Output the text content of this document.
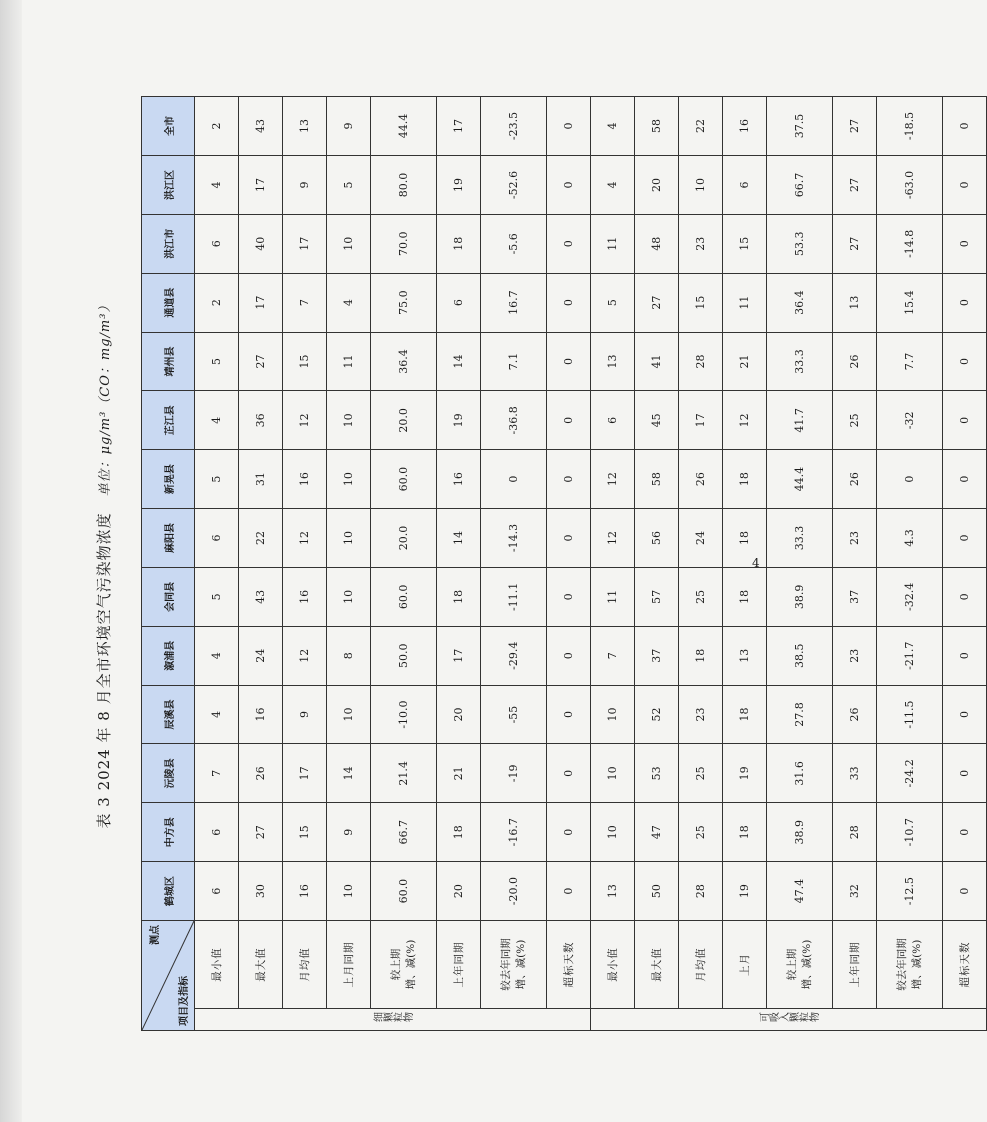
4
表 3 2024 年 8 月全市环境空气污染物浓度单位：μg/m³（CO：mg/m³）
测点
项目及指标		鹤城区	中方县	沅陵县	辰溪县	溆浦县	会同县	麻阳县	新晃县	芷江县	靖州县	通道县	洪江市	洪江区	全市
细颗粒物	最小值	6	6	7	4	4	5	6	5	4	5	2	6	4	2
	最大值	30	27	26	16	24	43	22	31	36	27	17	40	17	43
	月均值	16	15	17	9	12	16	12	16	12	15	7	17	9	13
	上月同期	10	9	14	10	8	10	10	10	10	11	4	10	5	9

	较上期 增、减(%)	60.0	66.7	21.4	-10.0	50.0	60.0	20.0	60.0	20.0	36.4	75.0	70.0	80.0	44.4
	上年同期	20	18	21	20	17	18	14	16	19	14	6	18	19	17

	较去年同期 增、减(%)	-20.0	-16.7	-19	-55	-29.4	-11.1	-14.3	0	-36.8	7.1	16.7	-5.6	-52.6	-23.5
	超标天数	0	0	0	0	0	0	0	0	0	0	0	0	0	0
可吸入颗粒物	最小值	13	10	10	10	7	11	12	12	6	13	5	11	4	4
	最大值	50	47	53	52	37	57	56	58	45	41	27	48	20	58
	月均值	28	25	25	23	18	25	24	26	17	28	15	23	10	22
	上月	19	18	19	18	13	18	18	18	12	21	11	15	6	16

	较上期 增、减(%)	47.4	38.9	31.6	27.8	38.5	38.9	33.3	44.4	41.7	33.3	36.4	53.3	66.7	37.5
	上年同期	32	28	33	26	23	37	23	26	25	26	13	27	27	27

	较去年同期 增、减(%)	-12.5	-10.7	-24.2	-11.5	-21.7	-32.4	4.3	0	-32	7.7	15.4	-14.8	-63.0	-18.5
	超标天数	0	0	0	0	0	0	0	0	0	0	0	0	0	0
